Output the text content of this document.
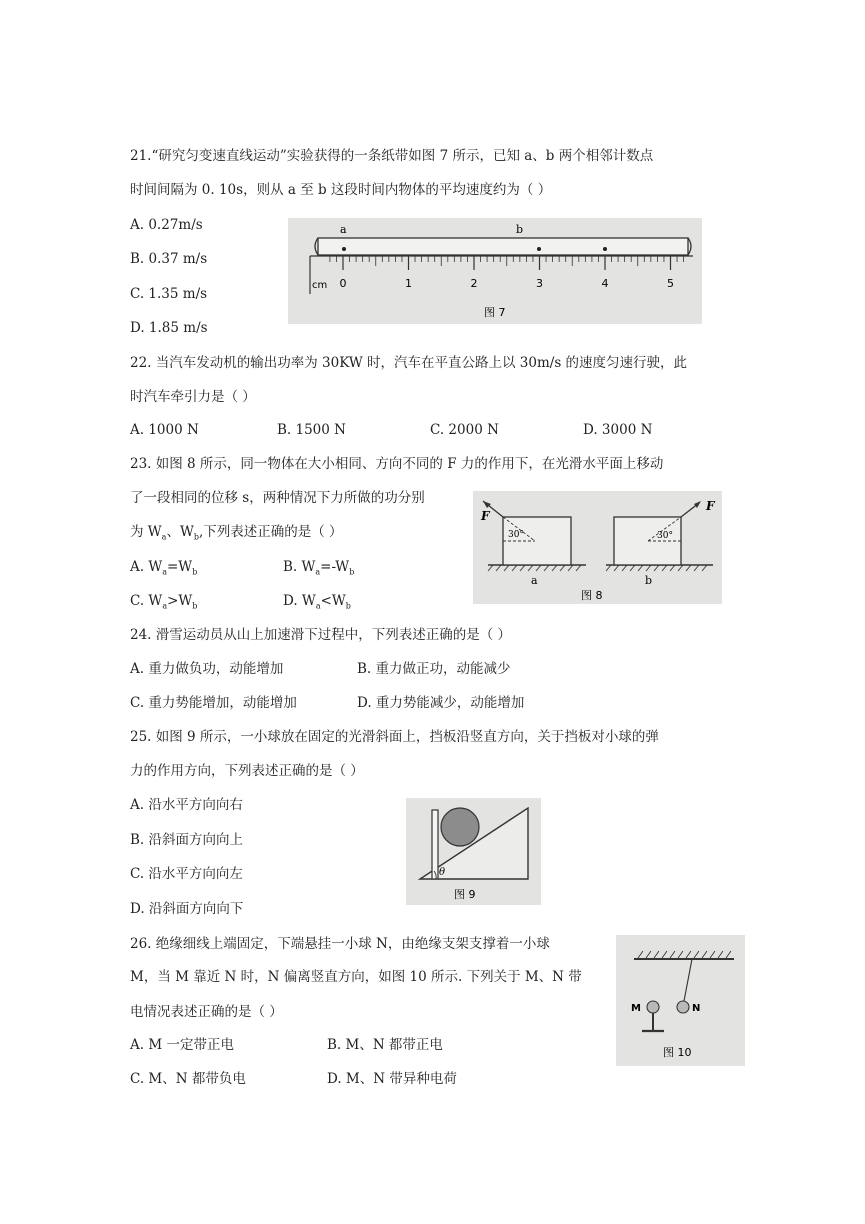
21.“研究匀变速直线运动”实验获得的一条纸带如图 7 所示，已知 a、b 两个相邻计数点
时间间隔为 0. 10s，则从 a 至 b 这段时间内物体的平均速度约为（ ）
A. 0.27m/s
B. 0.37 m/s
C. 1.35 m/s
D. 1.85 m/s
a	b
cm 0	1	2	3	4	5
图 7
22. 当汽车发动机的输出功率为 30KW 时，汽车在平直公路上以 30m/s 的速度匀速行驶，此
时汽车牵引力是（ ）
A. 1000 N	B. 1500 N	C. 2000 N	D. 3000 N
23. 如图 8 所示，同一物体在大小相同、方向不同的 F 力的作用下，在光滑水平面上移动
了一段相同的位移 s，两种情况下力所做的功分别
为 $W_a$、$W_b$,下列表述正确的是（ ）
A. $W_a=W_b$	B. $W_a=-W_b$
C. $W_a>W_b$	D. $W_a<W_b$
F
30°
a
F
30°
b
图 8
24. 滑雪运动员从山上加速滑下过程中，下列表述正确的是（ ）
A. 重力做负功，动能增加	B. 重力做正功，动能减少
C. 重力势能增加，动能增加	D. 重力势能减少，动能增加
25. 如图 9 所示，一小球放在固定的光滑斜面上，挡板沿竖直方向，关于挡板对小球的弹
力的作用方向，下列表述正确的是（ ）
A. 沿水平方向向右
B. 沿斜面方向向上
C. 沿水平方向向左
D. 沿斜面方向向下
θ
图 9
26. 绝缘细线上端固定，下端悬挂一小球 N，由绝缘支架支撑着一小球
M，当 M 靠近 N 时，N 偏离竖直方向，如图 10 所示. 下列关于 M、N 带
电情况表述正确的是（ ）
A. M 一定带正电	B. M、N 都带正电
C. M、N 都带负电	D. M、N 带异种电荷
N
M
图 10
